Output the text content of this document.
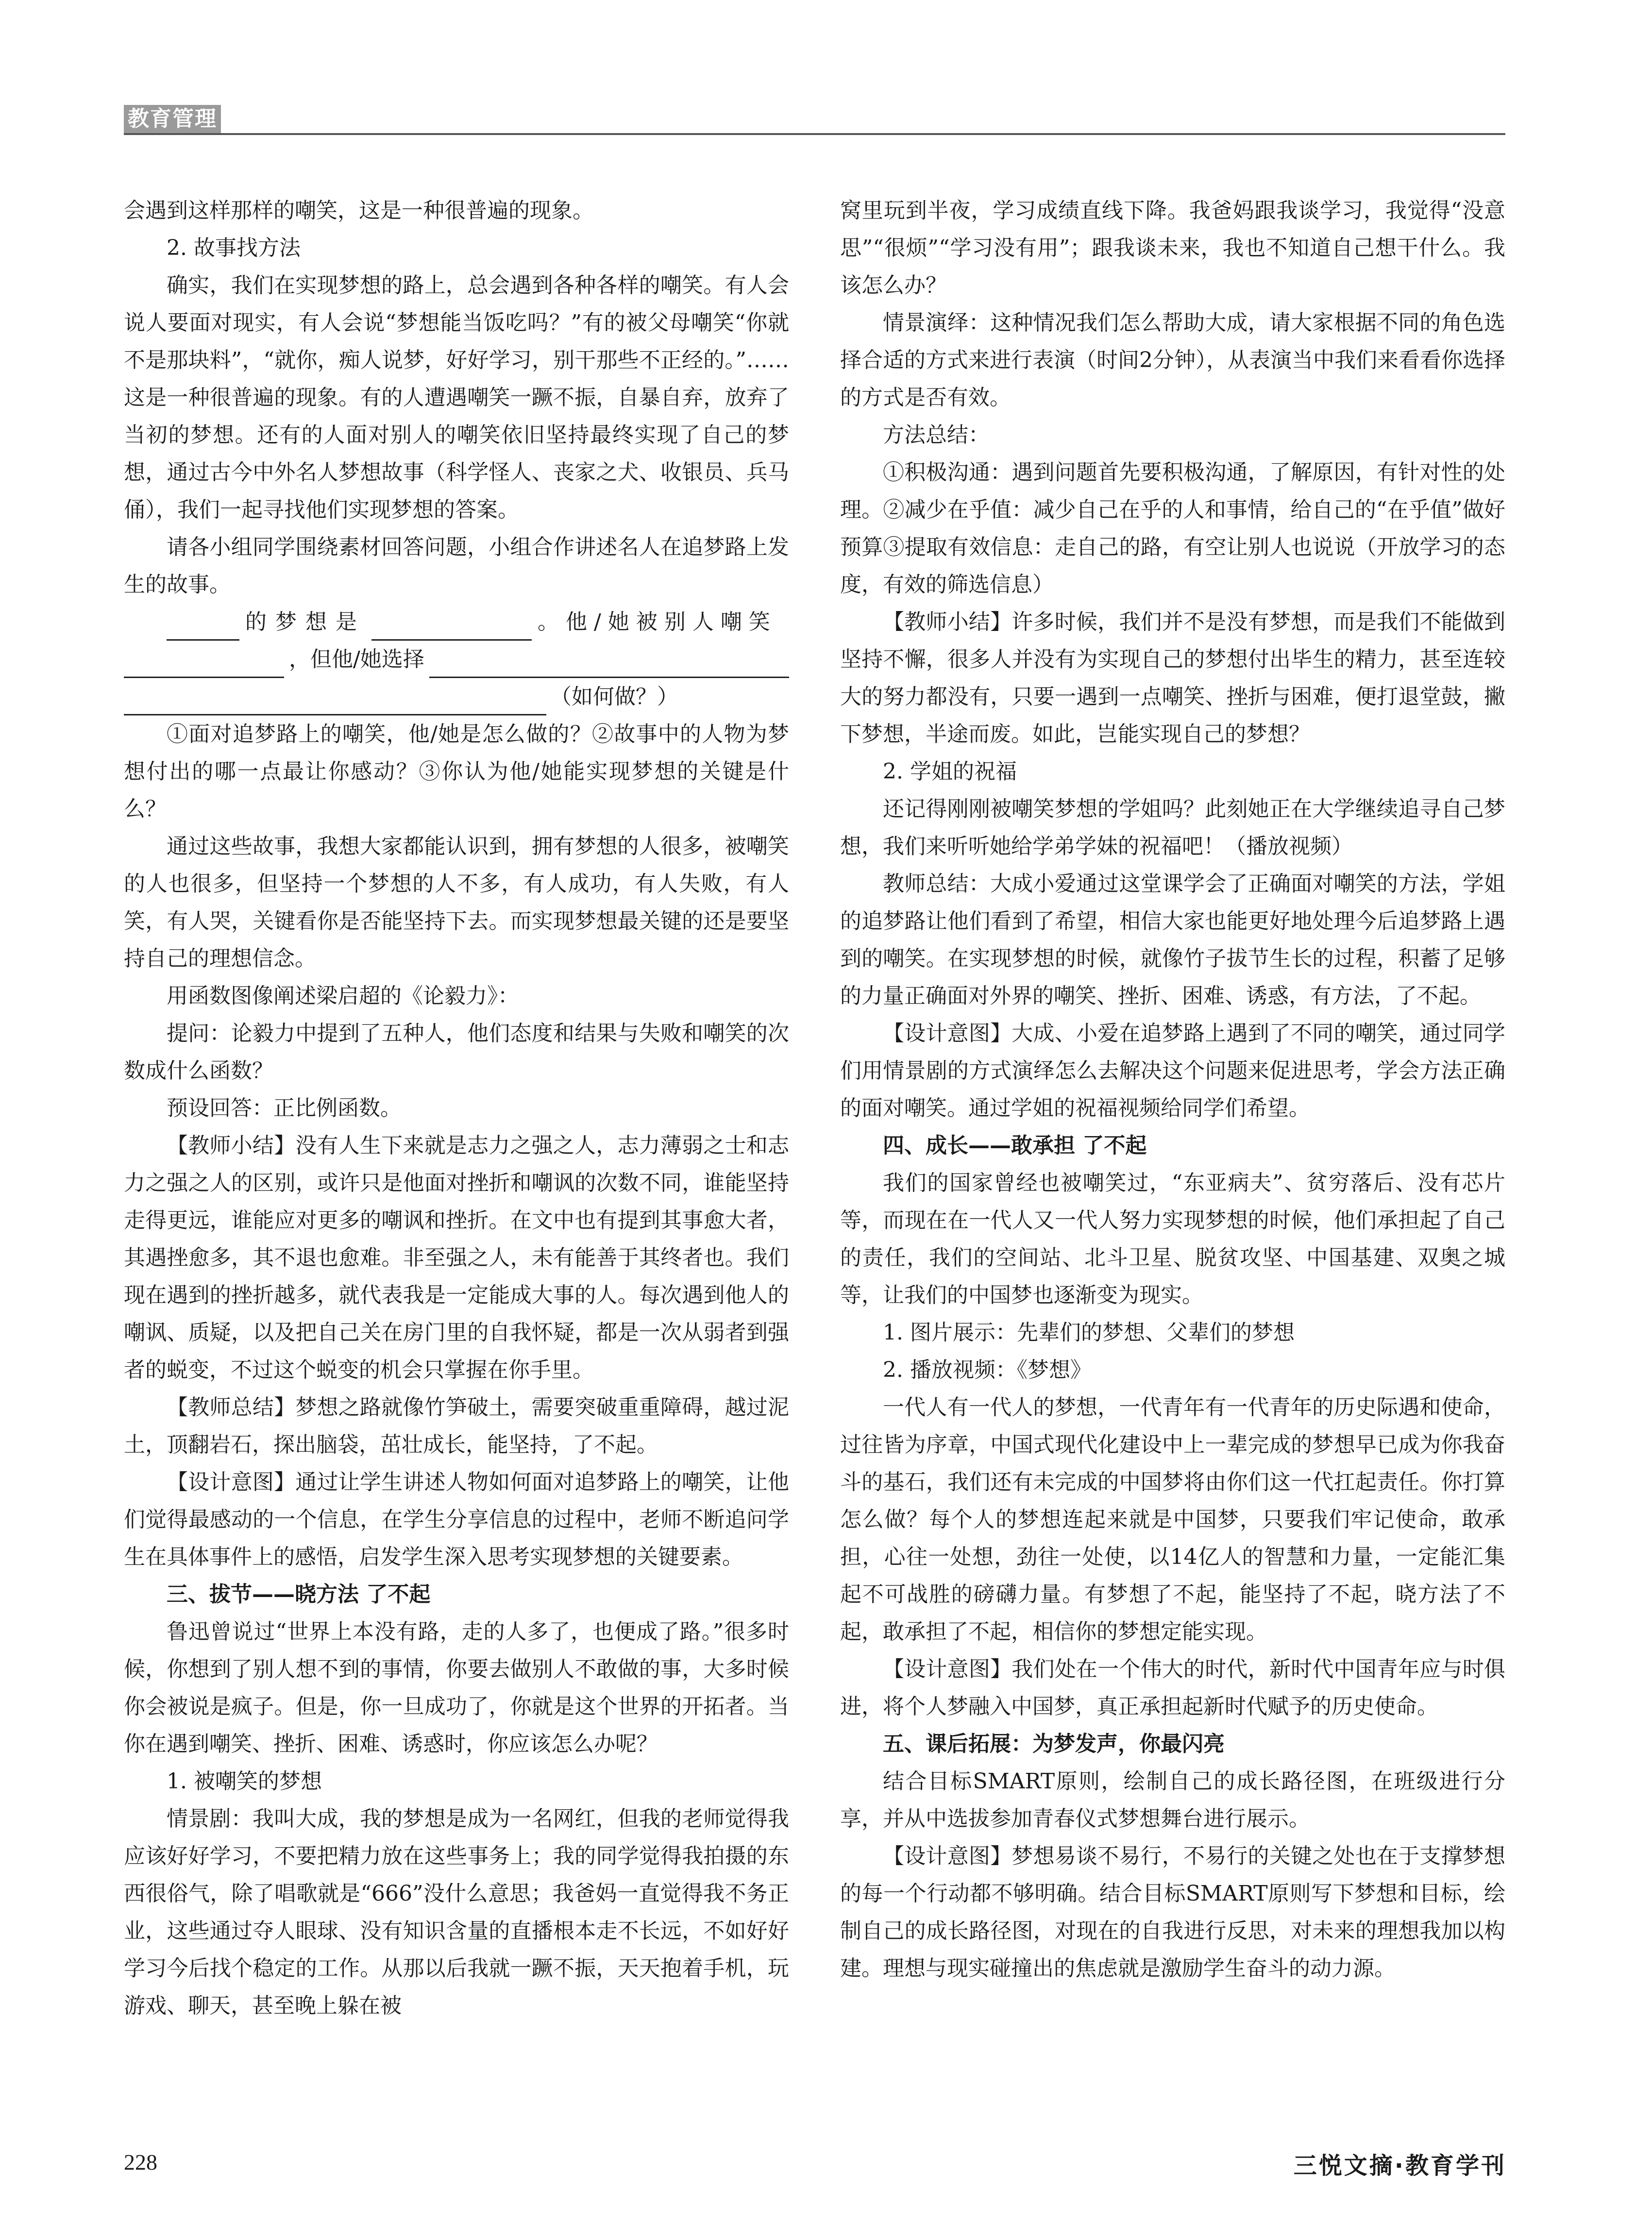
教育管理

会遇到这样那样的嘲笑，这是一种很普遍的现象。

2. 故事找方法

确实，我们在实现梦想的路上，总会遇到各种各样的嘲笑。有人会说人要面对现实，有人会说“梦想能当饭吃吗？”有的被父母嘲笑“你就不是那块料”，“就你，痴人说梦，好好学习，别干那些不正经的。”……这是一种很普遍的现象。有的人遭遇嘲笑一蹶不振，自暴自弃，放弃了当初的梦想。还有的人面对别人的嘲笑依旧坚持最终实现了自己的梦想，通过古今中外名人梦想故事（科学怪人、丧家之犬、收银员、兵马俑），我们一起寻找他们实现梦想的答案。

请各小组同学围绕素材回答问题，小组合作讲述名人在追梦路上发生的故事。

的梦想是	。他/她被别人嘲笑
，但他/她选择
（如何做？）

①面对追梦路上的嘲笑，他/她是怎么做的？②故事中的人物为梦想付出的哪一点最让你感动？③你认为他/她能实现梦想的关键是什么？

通过这些故事，我想大家都能认识到，拥有梦想的人很多，被嘲笑的人也很多，但坚持一个梦想的人不多，有人成功，有人失败，有人笑，有人哭，关键看你是否能坚持下去。而实现梦想最关键的还是要坚持自己的理想信念。

用函数图像阐述梁启超的《论毅力》：

提问：论毅力中提到了五种人，他们态度和结果与失败和嘲笑的次数成什么函数？

预设回答：正比例函数。

【教师小结】没有人生下来就是志力之强之人，志力薄弱之士和志力之强之人的区别，或许只是他面对挫折和嘲讽的次数不同，谁能坚持走得更远，谁能应对更多的嘲讽和挫折。在文中也有提到其事愈大者，其遇挫愈多，其不退也愈难。非至强之人，未有能善于其终者也。我们现在遇到的挫折越多，就代表我是一定能成大事的人。每次遇到他人的嘲讽、质疑，以及把自己关在房门里的自我怀疑，都是一次从弱者到强者的蜕变，不过这个蜕变的机会只掌握在你手里。

【教师总结】梦想之路就像竹笋破土，需要突破重重障碍，越过泥土，顶翻岩石，探出脑袋，茁壮成长，能坚持，了不起。

【设计意图】通过让学生讲述人物如何面对追梦路上的嘲笑，让他们觉得最感动的一个信息，在学生分享信息的过程中，老师不断追问学生在具体事件上的感悟，启发学生深入思考实现梦想的关键要素。

三、拔节——晓方法 了不起

鲁迅曾说过“世界上本没有路，走的人多了，也便成了路。”很多时候，你想到了别人想不到的事情，你要去做别人不敢做的事，大多时候你会被说是疯子。但是，你一旦成功了，你就是这个世界的开拓者。当你在遇到嘲笑、挫折、困难、诱惑时，你应该怎么办呢？

1. 被嘲笑的梦想

情景剧：我叫大成，我的梦想是成为一名网红，但我的老师觉得我应该好好学习，不要把精力放在这些事务上；我的同学觉得我拍摄的东西很俗气，除了唱歌就是“666”没什么意思；我爸妈一直觉得我不务正业，这些通过夺人眼球、没有知识含量的直播根本走不长远，不如好好学习今后找个稳定的工作。从那以后我就一蹶不振，天天抱着手机，玩游戏、聊天，甚至晚上躲在被

窝里玩到半夜，学习成绩直线下降。我爸妈跟我谈学习，我觉得“没意思”“很烦”“学习没有用”；跟我谈未来，我也不知道自己想干什么。我该怎么办？

情景演绎：这种情况我们怎么帮助大成，请大家根据不同的角色选择合适的方式来进行表演（时间2分钟），从表演当中我们来看看你选择的方式是否有效。

方法总结：

①积极沟通：遇到问题首先要积极沟通，了解原因，有针对性的处理。②减少在乎值：减少自己在乎的人和事情，给自己的“在乎值”做好预算③提取有效信息：走自己的路，有空让别人也说说（开放学习的态度，有效的筛选信息）

【教师小结】许多时候，我们并不是没有梦想，而是我们不能做到坚持不懈，很多人并没有为实现自己的梦想付出毕生的精力，甚至连较大的努力都没有，只要一遇到一点嘲笑、挫折与困难，便打退堂鼓，撇下梦想，半途而废。如此，岂能实现自己的梦想？

2. 学姐的祝福

还记得刚刚被嘲笑梦想的学姐吗？此刻她正在大学继续追寻自己梦想，我们来听听她给学弟学妹的祝福吧！（播放视频）

教师总结：大成小爱通过这堂课学会了正确面对嘲笑的方法，学姐的追梦路让他们看到了希望，相信大家也能更好地处理今后追梦路上遇到的嘲笑。在实现梦想的时候，就像竹子拔节生长的过程，积蓄了足够的力量正确面对外界的嘲笑、挫折、困难、诱惑，有方法，了不起。

【设计意图】大成、小爱在追梦路上遇到了不同的嘲笑，通过同学们用情景剧的方式演绎怎么去解决这个问题来促进思考，学会方法正确的面对嘲笑。通过学姐的祝福视频给同学们希望。

四、成长——敢承担 了不起

我们的国家曾经也被嘲笑过，“东亚病夫”、贫穷落后、没有芯片等，而现在在一代人又一代人努力实现梦想的时候，他们承担起了自己的责任，我们的空间站、北斗卫星、脱贫攻坚、中国基建、双奥之城等，让我们的中国梦也逐渐变为现实。

1. 图片展示：先辈们的梦想、父辈们的梦想

2. 播放视频：《梦想》

一代人有一代人的梦想，一代青年有一代青年的历史际遇和使命，过往皆为序章，中国式现代化建设中上一辈完成的梦想早已成为你我奋斗的基石，我们还有未完成的中国梦将由你们这一代扛起责任。你打算怎么做？每个人的梦想连起来就是中国梦，只要我们牢记使命，敢承担，心往一处想，劲往一处使，以14亿人的智慧和力量，一定能汇集起不可战胜的磅礴力量。有梦想了不起，能坚持了不起，晓方法了不起，敢承担了不起，相信你的梦想定能实现。

【设计意图】我们处在一个伟大的时代，新时代中国青年应与时俱进，将个人梦融入中国梦，真正承担起新时代赋予的历史使命。

五、课后拓展：为梦发声，你最闪亮

结合目标SMART原则，绘制自己的成长路径图，在班级进行分享，并从中选拔参加青春仪式梦想舞台进行展示。

【设计意图】梦想易谈不易行，不易行的关键之处也在于支撑梦想的每一个行动都不够明确。结合目标SMART原则写下梦想和目标，绘制自己的成长路径图，对现在的自我进行反思，对未来的理想我加以构建。理想与现实碰撞出的焦虑就是激励学生奋斗的动力源。

228	三悦文摘·教育学刊
